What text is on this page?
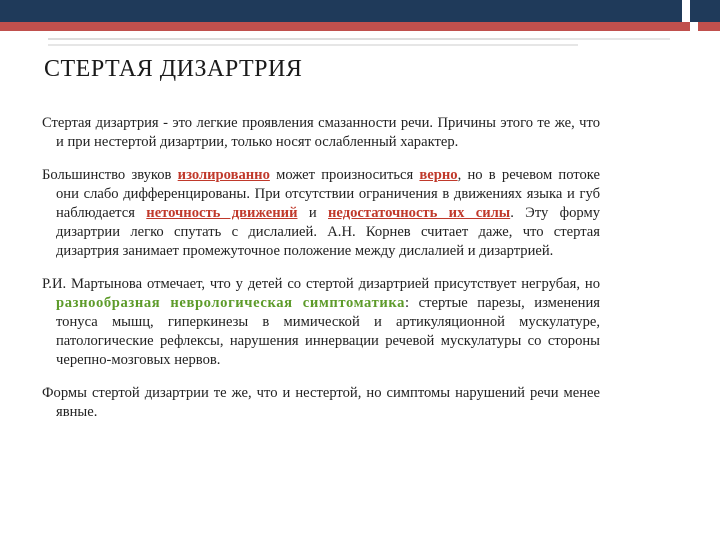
СТЕРТАЯ ДИЗАРТРИЯ

Стертая дизартрия - это легкие проявления смазанности речи. Причины этого те же, что и при нестертой дизартрии, только носят ослабленный характер.

Большинство звуков изолированно может произноситься верно, но в речевом потоке они слабо дифференцированы. При отсутствии ограничения в движениях языка и губ наблюдается неточность движений и недостаточность их силы. Эту форму дизартрии легко спутать с дислалией. А.Н. Корнев считает даже, что стертая дизартрия занимает промежуточное положение между дислалией и дизартрией.

Р.И. Мартынова отмечает, что у детей со стертой дизартрией присутствует негрубая, но разнообразная неврологическая симптоматика: стертые парезы, изменения тонуса мышц, гиперкинезы в мимической и артикуляционной мускулатуре, патологические рефлексы, нарушения иннервации речевой мускулатуры со стороны черепно-мозговых нервов.

Формы стертой дизартрии те же, что и нестертой, но симптомы нарушений речи менее явные.
